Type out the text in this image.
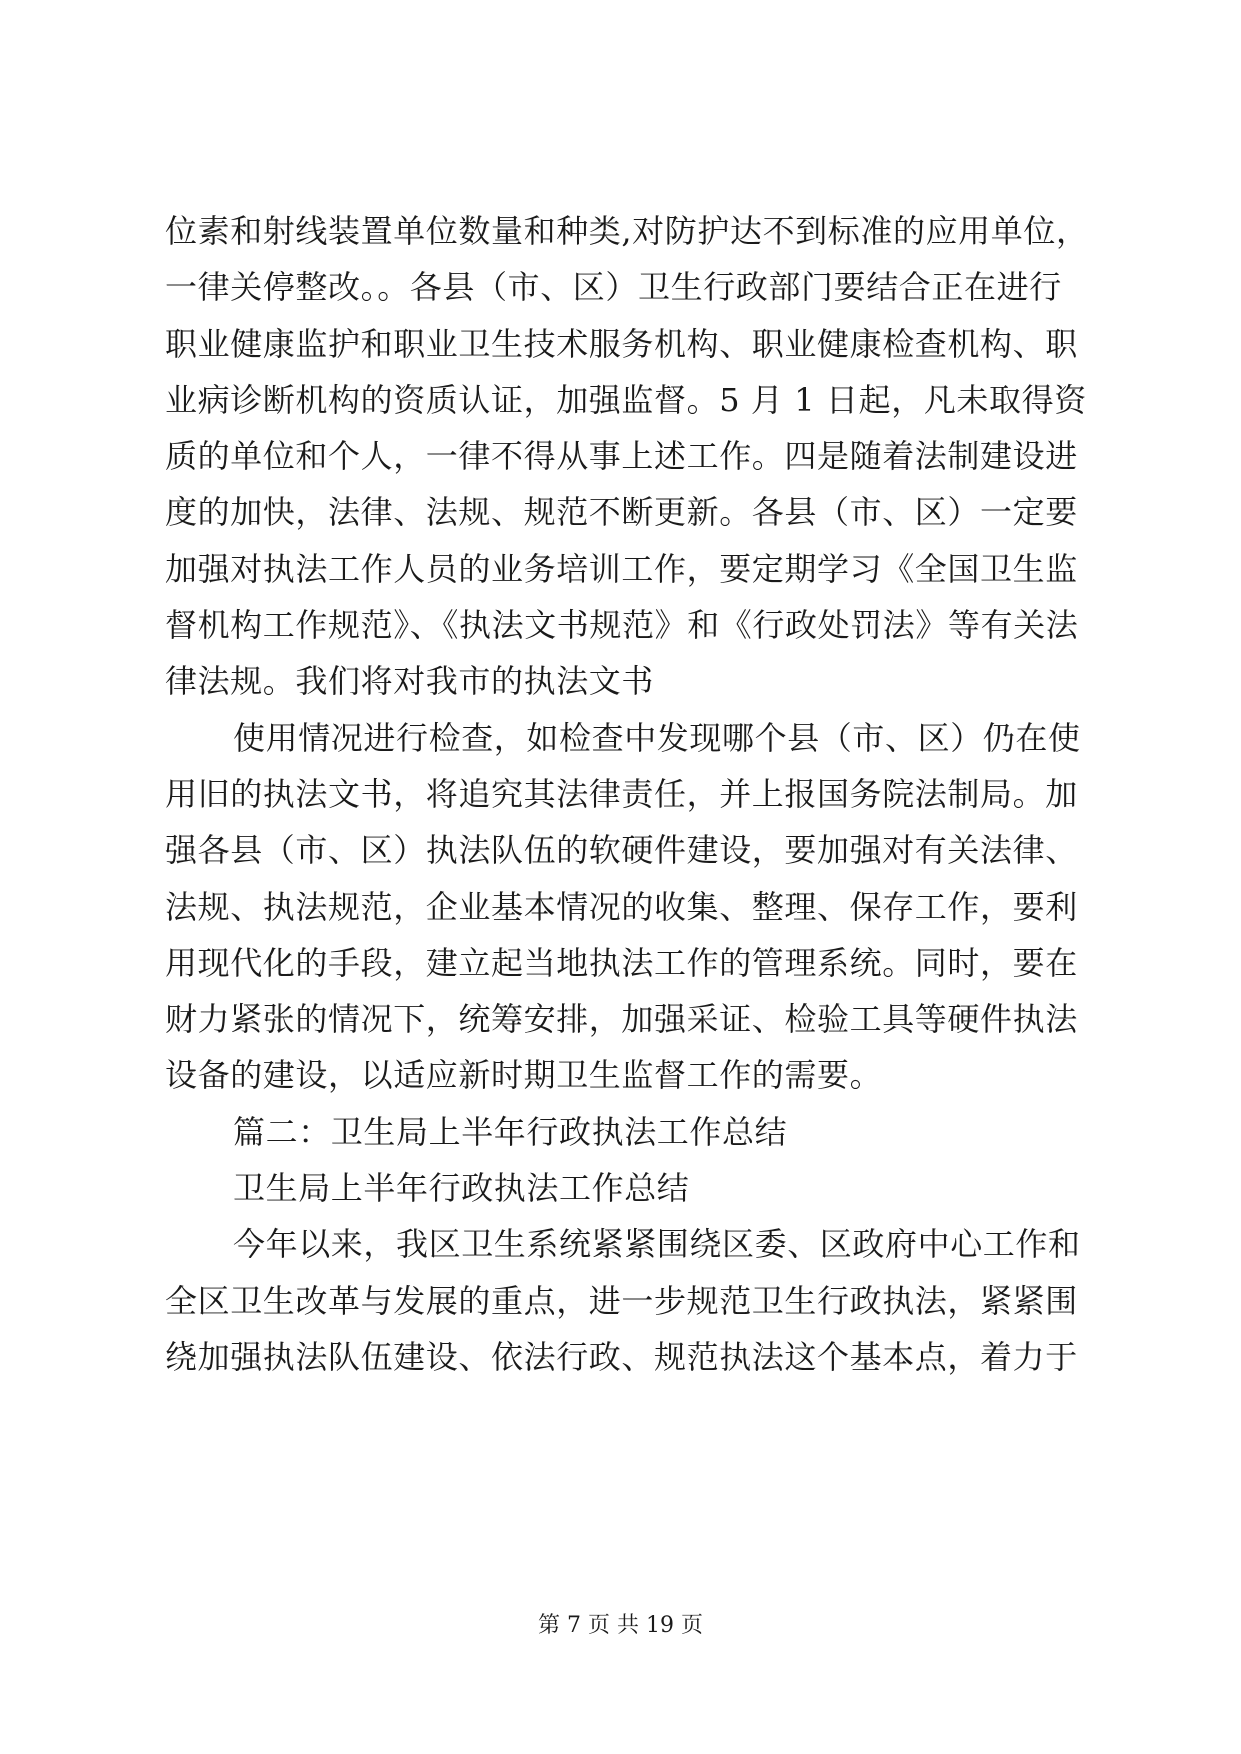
位素和射线装置单位数量和种类,对防护达不到标准的应用单位，
一律关停整改。。各县（市、区）卫生行政部门要结合正在进行
职业健康监护和职业卫生技术服务机构、职业健康检查机构、职
业病诊断机构的资质认证，加强监督。5 月 1 日起，凡未取得资
质的单位和个人，一律不得从事上述工作。四是随着法制建设进
度的加快，法律、法规、规范不断更新。各县（市、区）一定要
加强对执法工作人员的业务培训工作，要定期学习《全国卫生监
督机构工作规范》、《执法文书规范》和《行政处罚法》等有关法
律法规。我们将对我市的执法文书
使用情况进行检查，如检查中发现哪个县（市、区）仍在使
用旧的执法文书，将追究其法律责任，并上报国务院法制局。加
强各县（市、区）执法队伍的软硬件建设，要加强对有关法律、
法规、执法规范，企业基本情况的收集、整理、保存工作，要利
用现代化的手段，建立起当地执法工作的管理系统。同时，要在
财力紧张的情况下，统筹安排，加强采证、检验工具等硬件执法
设备的建设，以适应新时期卫生监督工作的需要。
篇二：卫生局上半年行政执法工作总结
卫生局上半年行政执法工作总结
今年以来，我区卫生系统紧紧围绕区委、区政府中心工作和
全区卫生改革与发展的重点，进一步规范卫生行政执法，紧紧围
绕加强执法队伍建设、依法行政、规范执法这个基本点，着力于
第 7 页 共 19 页
